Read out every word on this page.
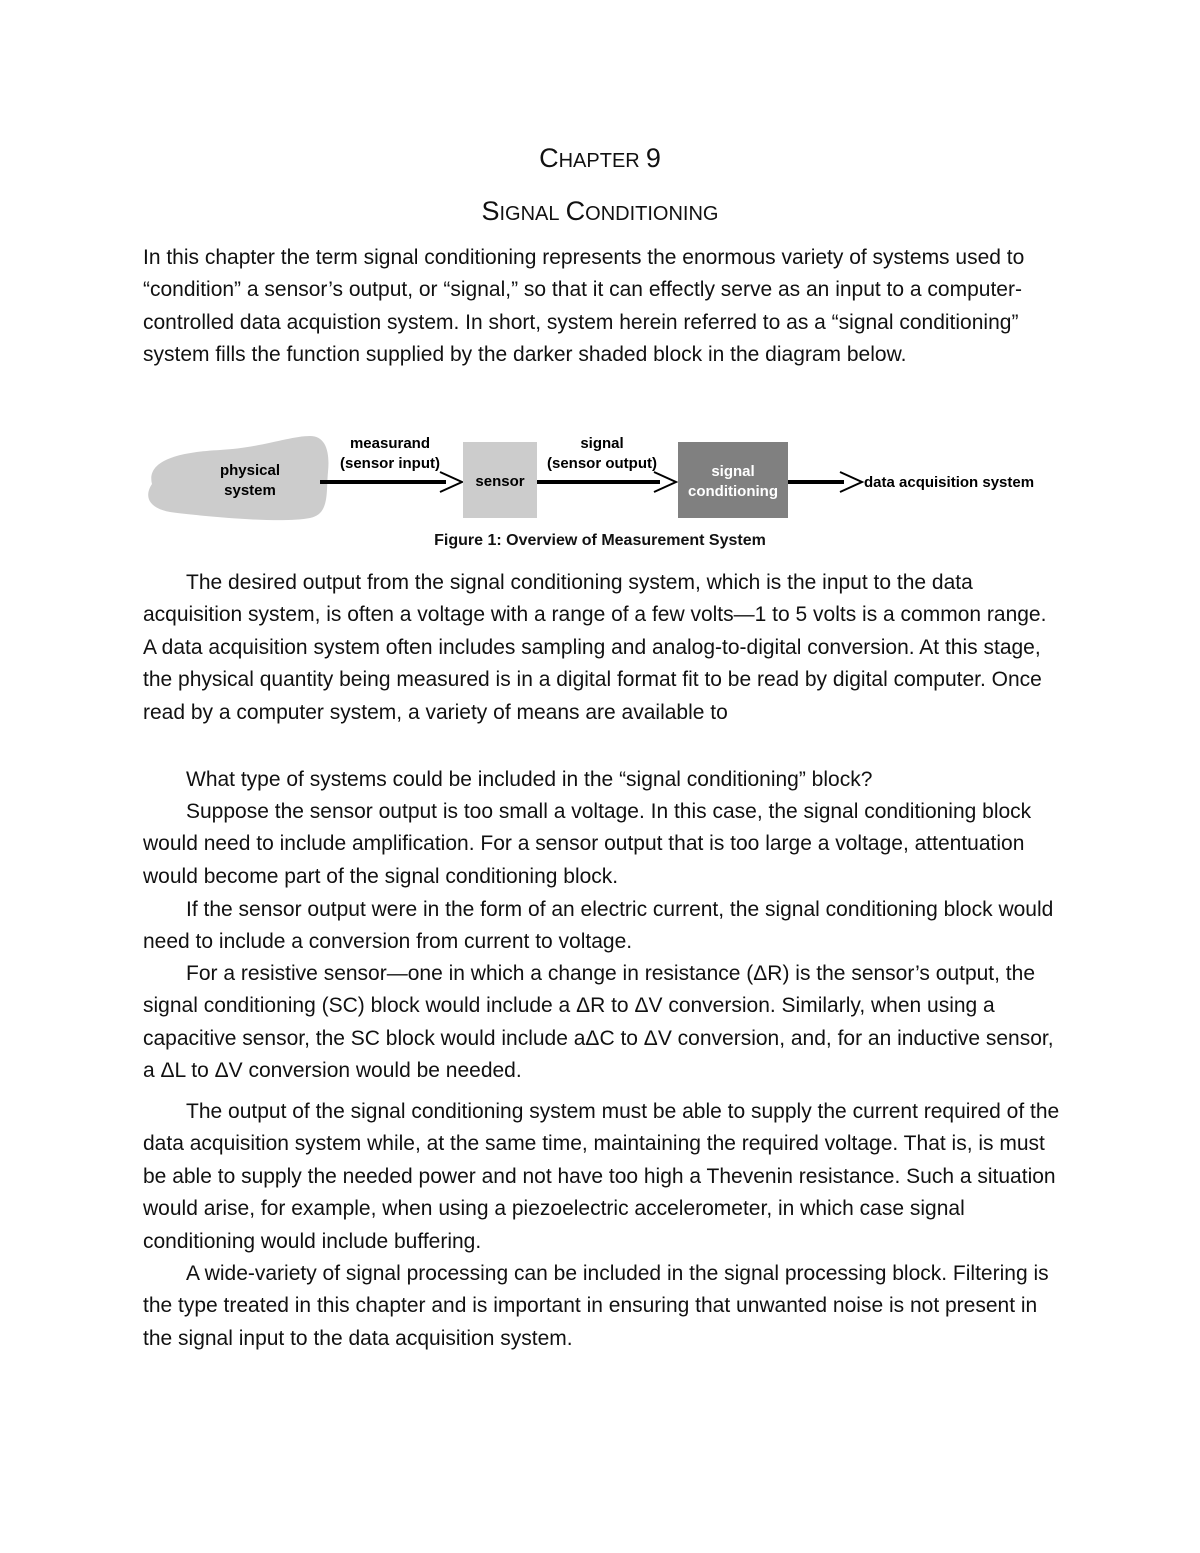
CHAPTER 9
SIGNAL CONDITIONING

In this chapter the term signal conditioning represents the enormous variety of systems used to “condition” a sensor’s output, or “signal,” so that it can effectly serve as an input to a computer-controlled data acquistion system. In short, system herein referred to as a “signal conditioning” system fills the function supplied by the darker shaded block in the diagram below.

physical
system
measurand
(sensor input)
sensor
signal
(sensor output)	signal
conditioning
data acquisition system
Figure 1: Overview of Measurement System

The desired output from the signal conditioning system, which is the input to the data acquisition system, is often a voltage with a range of a few volts—1 to 5 volts is a common range. A data acquisition system often includes sampling and analog-to-digital conversion. At this stage, the physical quantity being measured is in a digital format fit to be read by digital computer. Once read by a computer system, a variety of means are available to

What type of systems could be included in the “signal conditioning” block?

Suppose the sensor output is too small a voltage. In this case, the signal conditioning block would need to include amplification. For a sensor output that is too large a voltage, attentuation would become part of the signal conditioning block.

If the sensor output were in the form of an electric current, the signal conditioning block would need to include a conversion from current to voltage.

For a resistive sensor—one in which a change in resistance (ΔR) is the sensor’s output, the signal conditioning (SC) block would include a ΔR to ΔV conversion. Similarly, when using a capacitive sensor, the SC block would include aΔC to ΔV conversion, and, for an inductive sensor, a ΔL to ΔV conversion would be needed.

The output of the signal conditioning system must be able to supply the current required of the data acquisition system while, at the same time, maintaining the required voltage. That is, is must be able to supply the needed power and not have too high a Thevenin resistance. Such a situation would arise, for example, when using a piezoelectric accelerometer, in which case signal conditioning would include buffering.

A wide-variety of signal processing can be included in the signal processing block. Filtering is the type treated in this chapter and is important in ensuring that unwanted noise is not present in the signal input to the data acquisition system.
